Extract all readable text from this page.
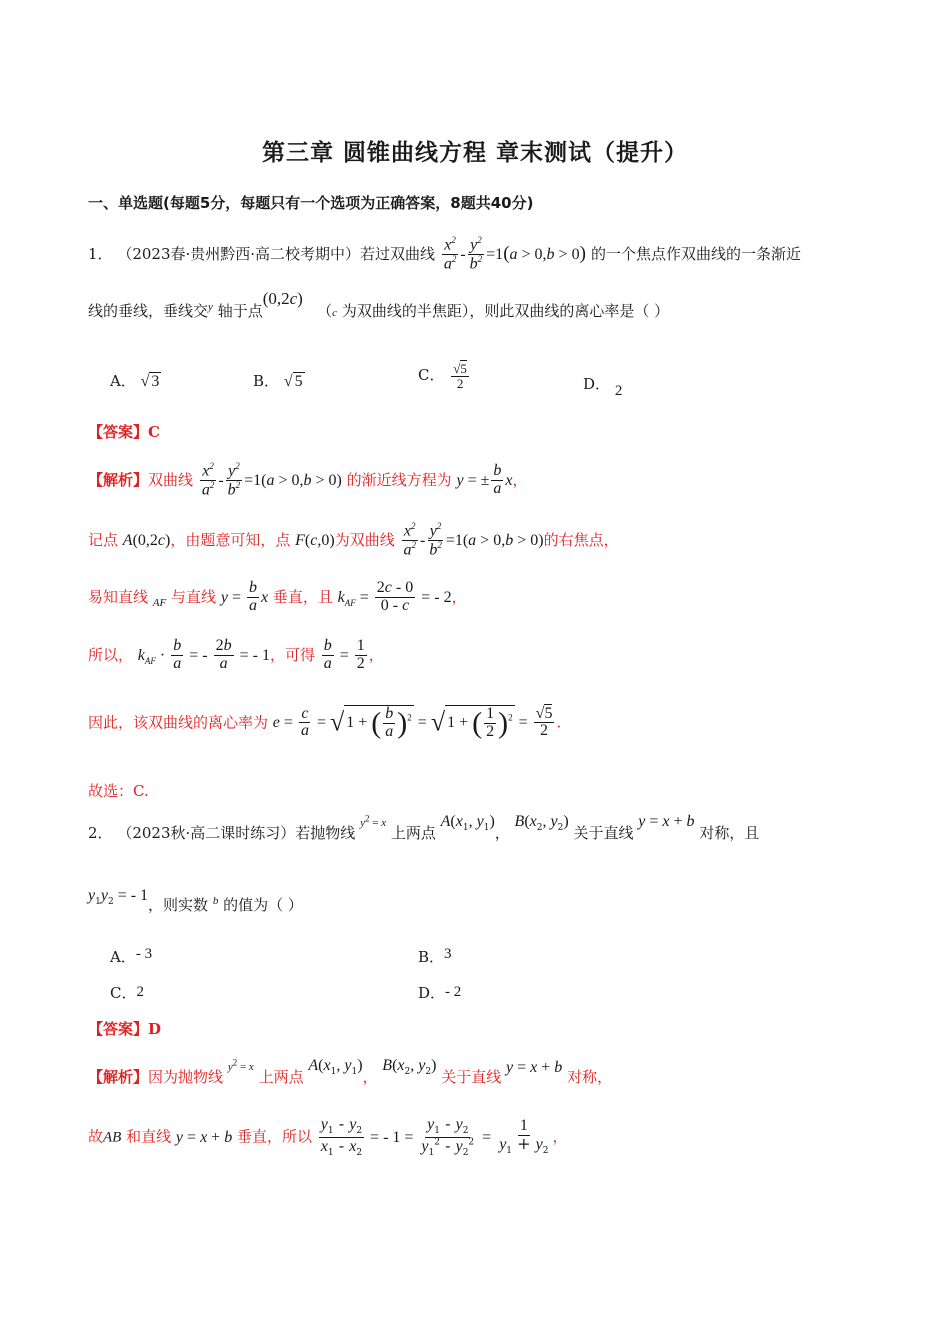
第三章 圆锥曲线方程 章末测试（提升）
一、单选题(每题5分，每题只有一个选项为正确答案，8题共40分)
1． （2023春·贵州黔西·高二校考期中）若过双曲线 $\frac{x^2}{a^2} - \frac{y^2}{b^2} =1(a > 0,b > 0)$ 的一个焦点作双曲线的一条渐近
线的垂线，垂线交$^y$ 轴于点(0,2c)   （c 为双曲线的半焦距），则此双曲线的离心率是（ ）
A． √ 3	B． √ 5	C． $\frac{√5}{2}$	D． 2
【答案】C
【解析】双曲线 $\frac{x^2}{a^2} - \frac{y^2}{b^2} =1(a > 0,b > 0)$ 的渐近线方程为 y = ± $\frac{b}{a}$ x，
记点 A(0,2c)，由题意可知，点 F(c,0)为双曲线 $\frac{x^2}{a^2} - \frac{y^2}{b^2} =1(a > 0,b > 0)$的右焦点，
易知直线 $_{AF}$ 与直线 $y = \frac{b}{a}$ x 垂直，且 $k_{AF} = \frac{2c - 0}{0 - c}$ = - 2，
所以， $k_{AF} \cdot \frac{b}{a}$ = - $\frac{2b}{a}$ = - 1，可得 $\frac{b}{a} = \frac{1}{2}$ ，
因此，该双曲线的离心率为 $e = \frac{c}{a}$ = √ 1 + ( $\frac{b}{a} )^2$ = √ 1 + ( $\frac{1}{2} )^2 = \frac{√5}{2}$ .
故选：C.
2． （2023秋·高二课时练习）若抛物线 $^{y^2 = x}$ 上两点 $A(x_1$, $y_1$)， $B(x_2$, $y_2$) 关于直线 y = x + b 对称，且
$y_1y_2$ = - 1，则实数 $^b$ 的值为（ ）
A．- 3	B．3
C．2	D．- 2
【答案】D
【解析】因为抛物线 $^{y^2 = x}$ 上两点 $A(x_1$, $y_1$)， $B(x_2$, $y_2$) 关于直线 y = x + b 对称，
故AB 和直线 y = x + b 垂直，所以 $\frac{y_1 - y_2}{x_1 - x_2}$ = - $1 = \frac{y_1 - y_2}{y_1^2 - y_2^2} = \frac{1}{y_1 + y_2}$ ，
